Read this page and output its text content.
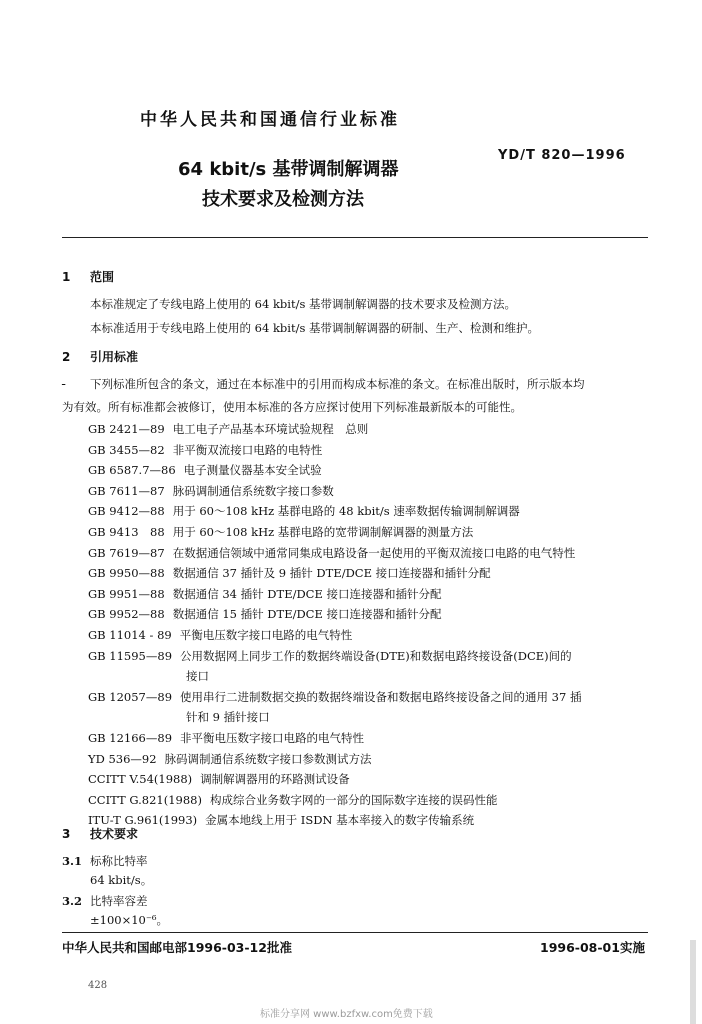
中华人民共和国通信行业标准
YD/T 820—1996
64 kbit/s 基带调制解调器
技术要求及检测方法
1 范围
本标准规定了专线电路上使用的 64 kbit/s 基带调制解调器的技术要求及检测方法。
本标准适用于专线电路上使用的 64 kbit/s 基带调制解调器的研制、生产、检测和维护。
2 引用标准
ـ 下列标准所包含的条文，通过在本标准中的引用而构成本标准的条文。在标准出版时，所示版本均
为有效。所有标准都会被修订，使用本标准的各方应探讨使用下列标准最新版本的可能性。
GB 2421—89 电工电子产品基本环境试验规程　总则
GB 3455—82 非平衡双流接口电路的电特性
GB 6587.7—86 电子测量仪器基本安全试验
GB 7611—87 脉码调制通信系统数字接口参数
GB 9412—88 用于 60～108 kHz 基群电路的 48 kbit/s 速率数据传输调制解调器
GB 9413　88 用于 60～108 kHz 基群电路的宽带调制解调器的测量方法
GB 7619—87 在数据通信领域中通常同集成电路设备一起使用的平衡双流接口电路的电气特性
GB 9950—88 数据通信 37 插针及 9 插针 DTE/DCE 接口连接器和插针分配
GB 9951—88 数据通信 34 插针 DTE/DCE 接口连接器和插针分配
GB 9952—88 数据通信 15 插针 DTE/DCE 接口连接器和插针分配
GB 11014 - 89 平衡电压数字接口电路的电气特性
GB 11595—89 公用数据网上同步工作的数据终端设备(DTE)和数据电路终接设备(DCE)间的
接口
GB 12057—89 使用串行二进制数据交换的数据终端设备和数据电路终接设备之间的通用 37 插
针和 9 插针接口
GB 12166—89 非平衡电压数字接口电路的电气特性
YD 536—92 脉码调制通信系统数字接口参数测试方法
CCITT V.54(1988) 调制解调器用的环路测试设备
CCITT G.821(1988) 构成综合业务数字网的一部分的国际数字连接的误码性能
ITU-T G.961(1993) 金属本地线上用于 ISDN 基本率接入的数字传输系统
3 技术要求
3.1 标称比特率
64 kbit/s。
3.2 比特率容差
±100×10⁻⁶。
中华人民共和国邮电部1996-03-12批准	1996-08-01实施
428
标准分享网 www.bzfxw.com免费下载
